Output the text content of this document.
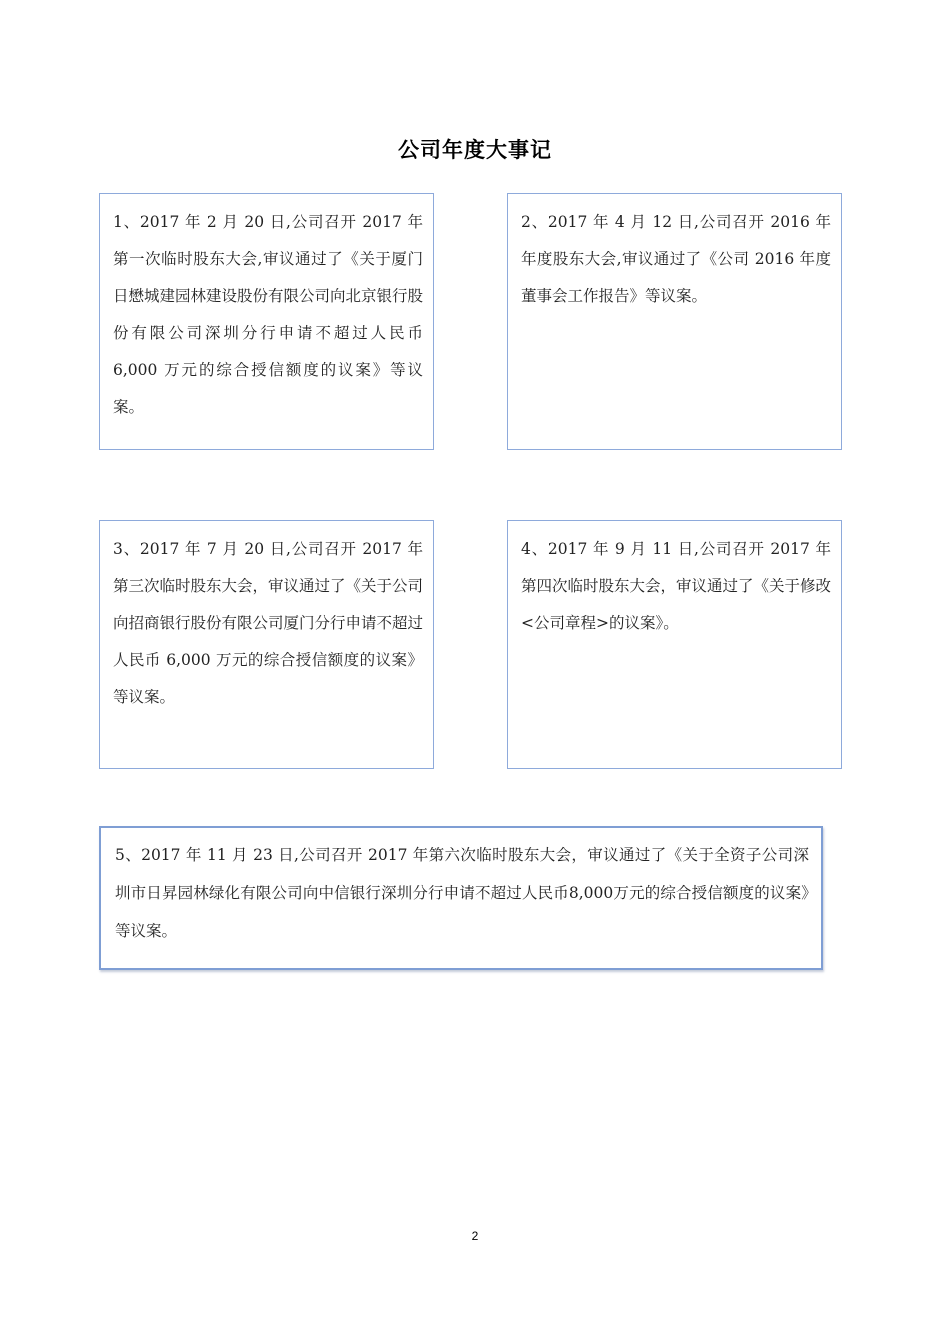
公司年度大事记
1、2017 年 2 月 20 日,公司召开 2017 年第一次临时股东大会,审议通过了《关于厦门日懋城建园林建设股份有限公司向北京银行股份有限公司深圳分行申请不超过人民币 6,000 万元的综合授信额度的议案》等议案。
2、2017 年 4 月 12 日,公司召开 2016 年年度股东大会,审议通过了《公司 2016 年度董事会工作报告》等议案。
3、2017 年 7 月 20 日,公司召开 2017 年第三次临时股东大会，审议通过了《关于公司向招商银行股份有限公司厦门分行申请不超过人民币 6,000 万元的综合授信额度的议案》等议案。
4、2017 年 9 月 11 日,公司召开 2017 年第四次临时股东大会，审议通过了《关于修改<公司章程>的议案》。
5、2017 年 11 月 23 日,公司召开 2017 年第六次临时股东大会，审议通过了《关于全资子公司深圳市日昇园林绿化有限公司向中信银行深圳分行申请不超过人民币8,000万元的综合授信额度的议案》等议案。
2
